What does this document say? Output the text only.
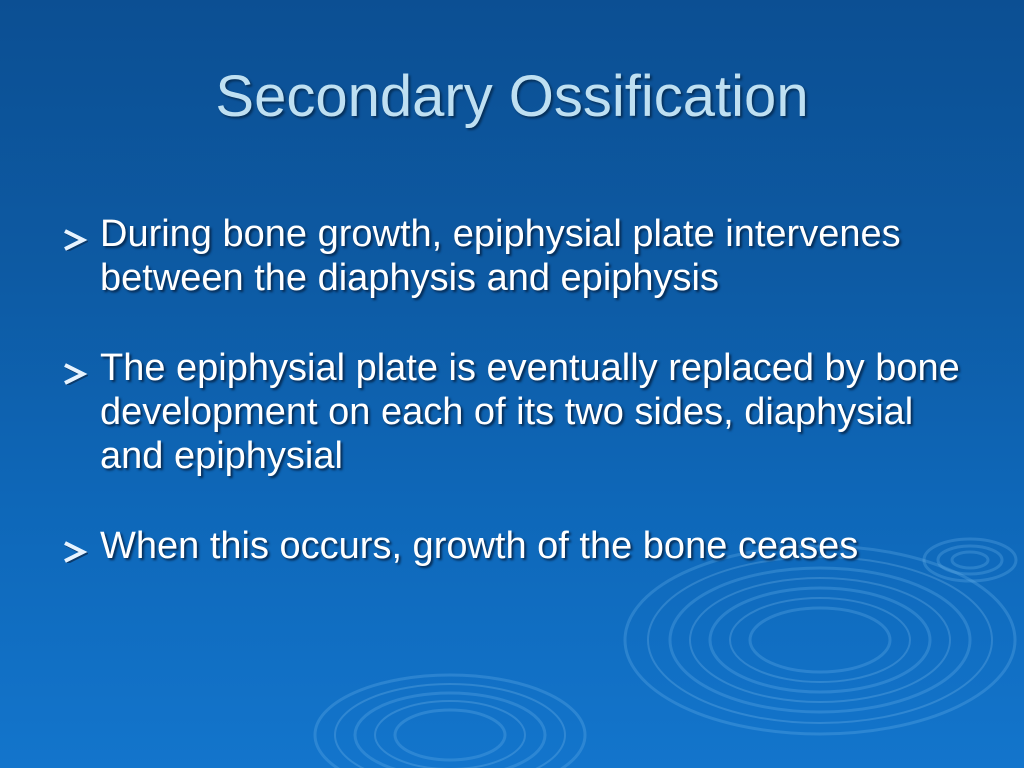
Secondary Ossification
During bone growth, epiphysial plate intervenes between the diaphysis and epiphysis
The epiphysial plate is eventually replaced by bone development on each of its two sides, diaphysial and epiphysial
When this occurs, growth of the bone ceases
